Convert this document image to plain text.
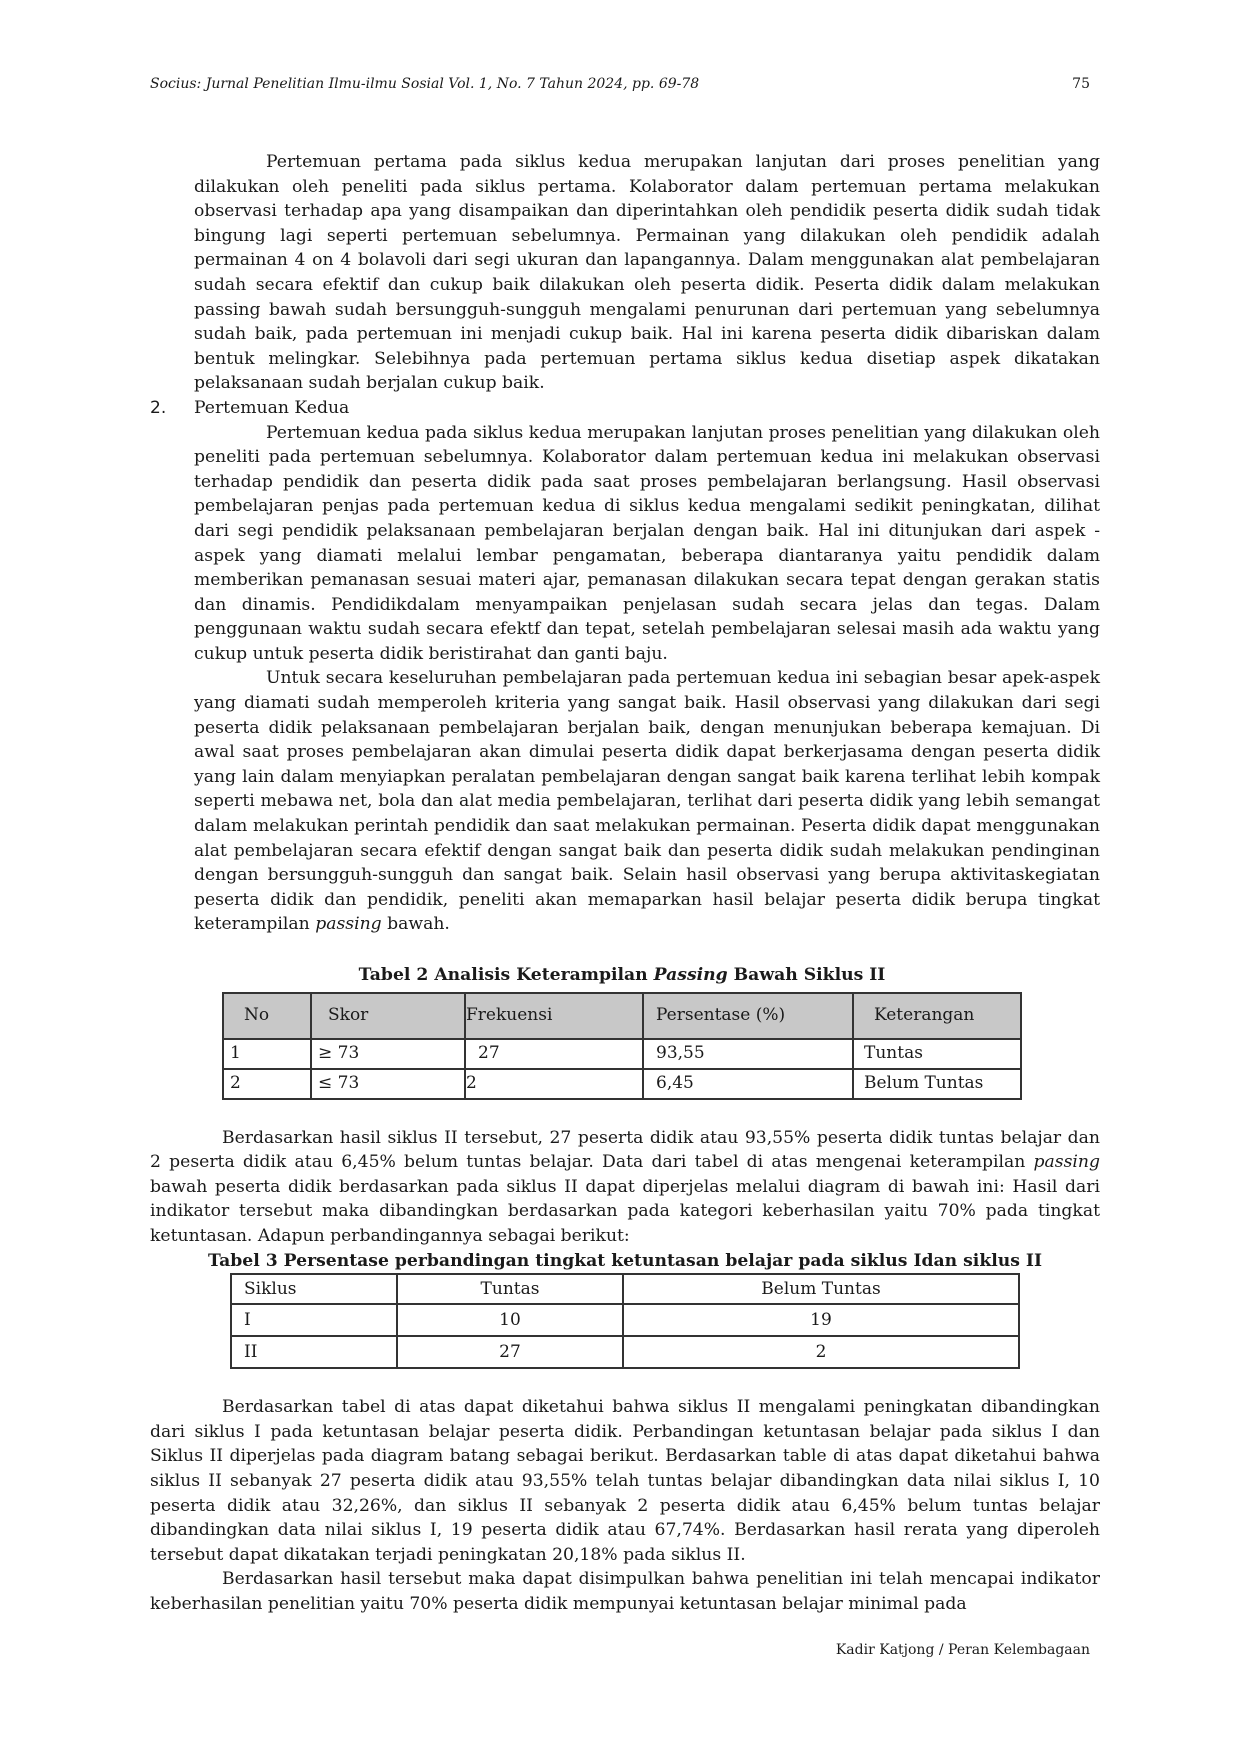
Socius: Jurnal Penelitian Ilmu-ilmu Sosial Vol. 1, No. 7 Tahun 2024, pp. 69-78	75

Pertemuan pertama pada siklus kedua merupakan lanjutan dari proses penelitian yang dilakukan oleh peneliti pada siklus pertama. Kolaborator dalam pertemuan pertama melakukan observasi terhadap apa yang disampaikan dan diperintahkan oleh pendidik peserta didik sudah tidak bingung lagi seperti pertemuan sebelumnya. Permainan yang dilakukan oleh pendidik adalah permainan 4 on 4 bolavoli dari segi ukuran dan lapangannya. Dalam menggunakan alat pembelajaran sudah secara efektif dan cukup baik dilakukan oleh peserta didik. Peserta didik dalam melakukan passing bawah sudah bersungguh-sungguh mengalami penurunan dari pertemuan yang sebelumnya sudah baik, pada pertemuan ini menjadi cukup baik. Hal ini karena peserta didik dibariskan dalam bentuk melingkar. Selebihnya pada pertemuan pertama siklus kedua disetiap aspek dikatakan pelaksanaan sudah berjalan cukup baik.

2.	Pertemuan Kedua

Pertemuan kedua pada siklus kedua merupakan lanjutan proses penelitian yang dilakukan oleh peneliti pada pertemuan sebelumnya. Kolaborator dalam pertemuan kedua ini melakukan observasi terhadap pendidik dan peserta didik pada saat proses pembelajaran berlangsung. Hasil observasi pembelajaran penjas pada pertemuan kedua di siklus kedua mengalami sedikit peningkatan, dilihat dari segi pendidik pelaksanaan pembelajaran berjalan dengan baik. Hal ini ditunjukan dari aspek -aspek yang diamati melalui lembar pengamatan, beberapa diantaranya yaitu pendidik dalam memberikan pemanasan sesuai materi ajar, pemanasan dilakukan secara tepat dengan gerakan statis dan dinamis. Pendidikdalam menyampaikan penjelasan sudah secara jelas dan tegas. Dalam penggunaan waktu sudah secara efektf dan tepat, setelah pembelajaran selesai masih ada waktu yang cukup untuk peserta didik beristirahat dan ganti baju.

Untuk secara keseluruhan pembelajaran pada pertemuan kedua ini sebagian besar apek-aspek yang diamati sudah memperoleh kriteria yang sangat baik. Hasil observasi yang dilakukan dari segi peserta didik pelaksanaan pembelajaran berjalan baik, dengan menunjukan beberapa kemajuan. Di awal saat proses pembelajaran akan dimulai peserta didik dapat berkerjasama dengan peserta didik yang lain dalam menyiapkan peralatan pembelajaran dengan sangat baik karena terlihat lebih kompak seperti mebawa net, bola dan alat media pembelajaran, terlihat dari peserta didik yang lebih semangat dalam melakukan perintah pendidik dan saat melakukan permainan. Peserta didik dapat menggunakan alat pembelajaran secara efektif dengan sangat baik dan peserta didik sudah melakukan pendinginan dengan bersungguh-sungguh dan sangat baik. Selain hasil observasi yang berupa aktivitaskegiatan peserta didik dan pendidik, peneliti akan memaparkan hasil belajar peserta didik berupa tingkat keterampilan passing bawah.

Tabel 2 Analisis Keterampilan Passing Bawah Siklus II

No	Skor	Frekuensi	Persentase (%)	Keterangan
1	≥ 73	27	93,55	Tuntas
2	≤ 73	2	6,45	Belum Tuntas

Berdasarkan hasil siklus II tersebut, 27 peserta didik atau 93,55% peserta didik tuntas belajar dan 2 peserta didik atau 6,45% belum tuntas belajar. Data dari tabel di atas mengenai keterampilan passing bawah peserta didik berdasarkan pada siklus II dapat diperjelas melalui diagram di bawah ini: Hasil dari indikator tersebut maka dibandingkan berdasarkan pada kategori keberhasilan yaitu 70% pada tingkat ketuntasan. Adapun perbandingannya sebagai berikut:

Tabel 3 Persentase perbandingan tingkat ketuntasan belajar pada siklus Idan siklus II

Siklus	Tuntas	Belum Tuntas
I	10	19
II	27	2

Berdasarkan tabel di atas dapat diketahui bahwa siklus II mengalami peningkatan dibandingkan dari siklus I pada ketuntasan belajar peserta didik. Perbandingan ketuntasan belajar pada siklus I dan Siklus II diperjelas pada diagram batang sebagai berikut. Berdasarkan table di atas dapat diketahui bahwa siklus II sebanyak 27 peserta didik atau 93,55% telah tuntas belajar dibandingkan data nilai siklus I, 10 peserta didik atau 32,26%, dan siklus II sebanyak 2 peserta didik atau 6,45% belum tuntas belajar dibandingkan data nilai siklus I, 19 peserta didik atau 67,74%. Berdasarkan hasil rerata yang diperoleh tersebut dapat dikatakan terjadi peningkatan 20,18% pada siklus II.

Berdasarkan hasil tersebut maka dapat disimpulkan bahwa penelitian ini telah mencapai indikator keberhasilan penelitian yaitu 70% peserta didik mempunyai ketuntasan belajar minimal pada

Kadir Katjong / Peran Kelembagaan
